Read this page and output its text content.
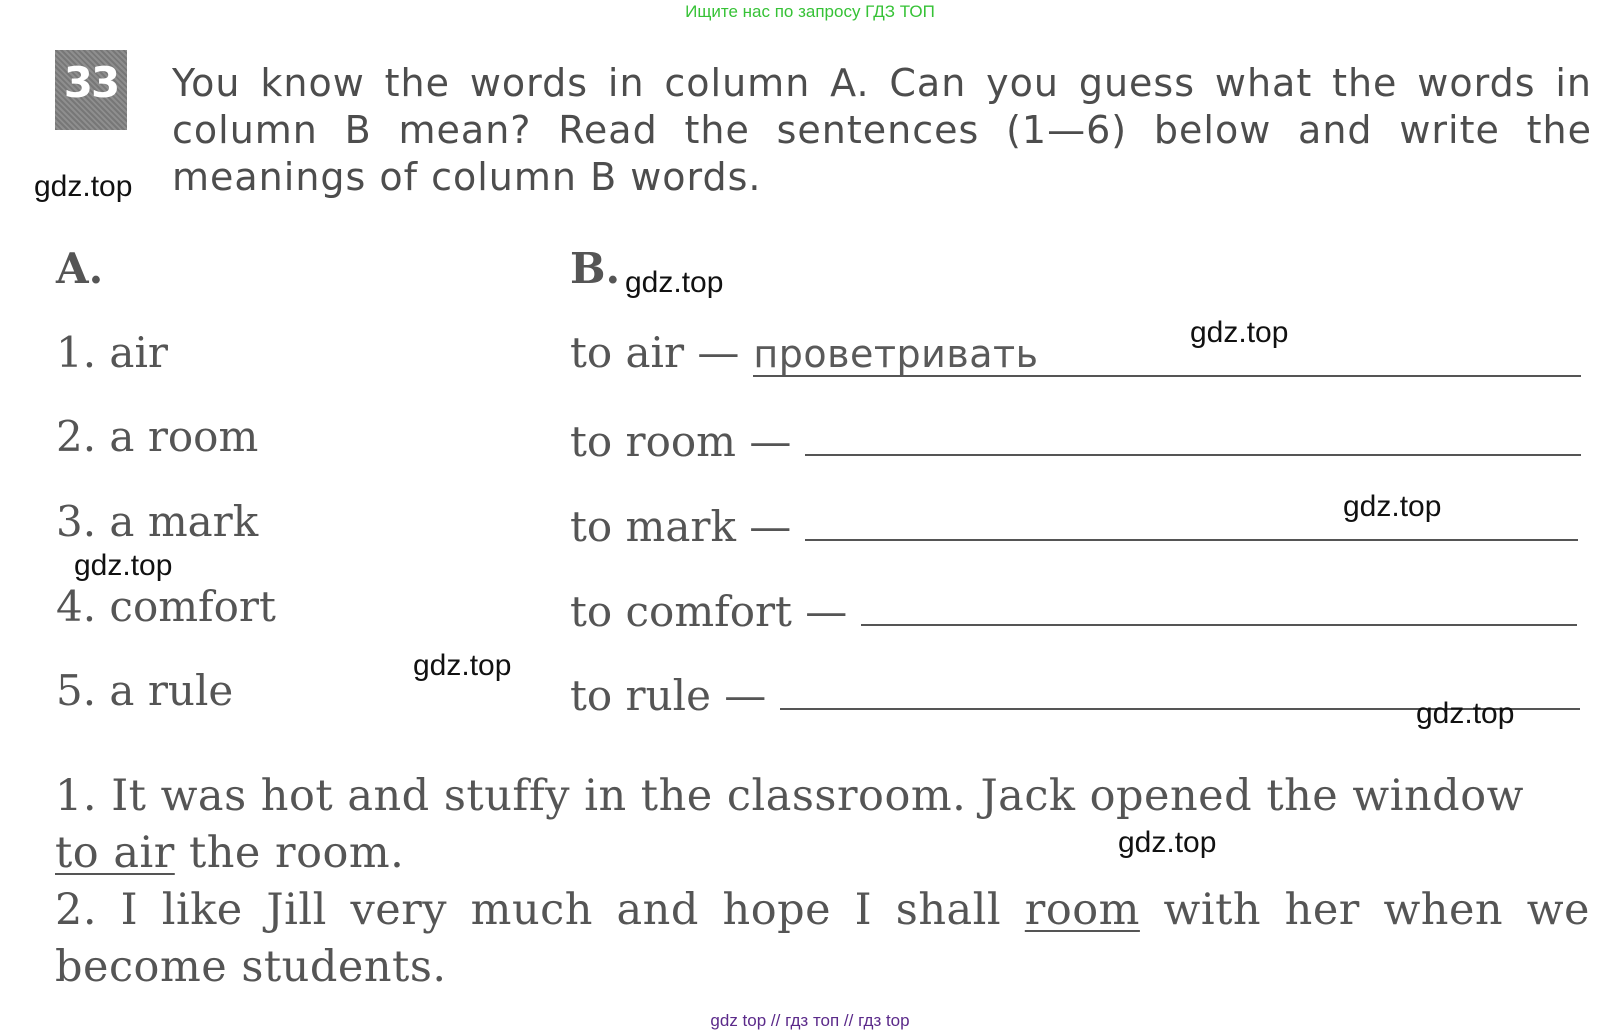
Ищите нас по запросу ГДЗ ТОП
33 You know the words in column A. Can you guess what the words in column B mean? Read the sentences (1—6) below and write the meanings of column B words.
A.	B.
1. air	to air — проветривать
2. a room	to room —
3. a mark	to mark —
4. comfort	to comfort —
5. a rule	to rule —

1. It was hot and stuffy in the classroom. Jack opened the window
to air the room.

2. I like Jill very much and hope I shall room with her when we become students.

gdz.top
gdz.top
gdz.top
gdz.top
gdz.top
gdz.top
gdz.top
gdz.top
gdz top // гдз топ // гдз top
